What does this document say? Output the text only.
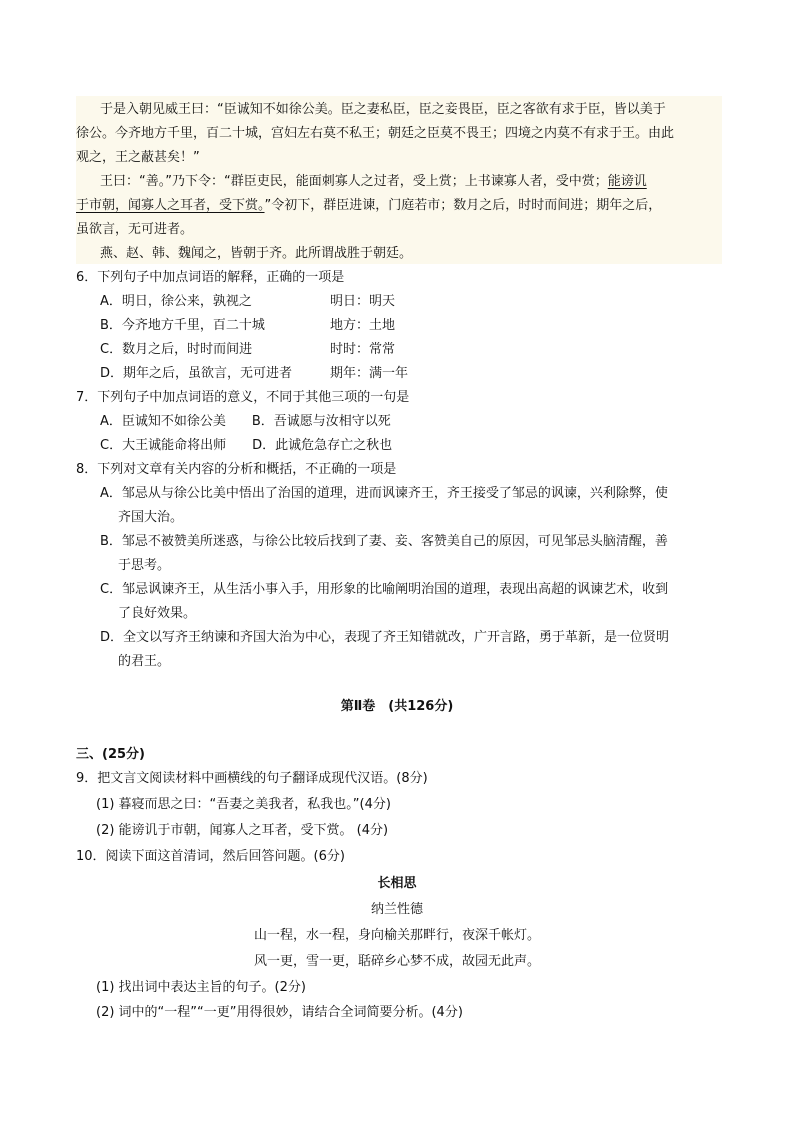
于是入朝见威王曰：“臣诚知不如徐公美。臣之妻私臣，臣之妾畏臣，臣之客欲有求于臣，皆以美于
徐公。今齐地方千里，百二十城，宫妇左右莫不私王；朝廷之臣莫不畏王；四境之内莫不有求于王。由此
观之，王之蔽甚矣！”
王曰：“善。”乃下令：“群臣吏民，能面刺寡人之过者，受上赏；上书谏寡人者，受中赏；能谤讥
于市朝，闻寡人之耳者，受下赏。”令初下，群臣进谏，门庭若市；数月之后，时时而间进；期年之后，
虽欲言，无可进者。
燕、赵、韩、魏闻之，皆朝于齐。此所谓战胜于朝廷。
6．下列句子中加点词语的解释，正确的一项是
A．明日，徐公来，孰视之	明日：明天
B．今齐地方千里，百二十城	地方：土地
C．数月之后，时时而间进	时时：常常
D．期年之后，虽欲言，无可进者	期年：满一年
7．下列句子中加点词语的意义，不同于其他三项的一句是
A．臣诚知不如徐公美　　B．吾诚愿与汝相守以死
C．大王诚能命将出师　　D．此诚危急存亡之秋也
8．下列对文章有关内容的分析和概括，不正确的一项是
A．邹忌从与徐公比美中悟出了治国的道理，进而讽谏齐王，齐王接受了邹忌的讽谏，兴利除弊，使
齐国大治。
B．邹忌不被赞美所迷惑，与徐公比较后找到了妻、妾、客赞美自己的原因，可见邹忌头脑清醒，善
于思考。
C．邹忌讽谏齐王，从生活小事入手，用形象的比喻阐明治国的道理，表现出高超的讽谏艺术，收到
了良好效果。
D．全文以写齐王纳谏和齐国大治为中心，表现了齐王知错就改，广开言路，勇于革新，是一位贤明
的君王。
第Ⅱ卷　(共126分)
三、(25分)
9．把文言文阅读材料中画横线的句子翻译成现代汉语。(8分)
(1) 暮寝而思之曰：“吾妻之美我者，私我也。”(4分)
(2) 能谤讥于市朝，闻寡人之耳者，受下赏。 (4分)
10．阅读下面这首清词，然后回答问题。(6分)
长相思
纳兰性德
山一程，水一程，身向榆关那畔行，夜深千帐灯。
风一更，雪一更，聒碎乡心梦不成，故园无此声。
(1) 找出词中表达主旨的句子。(2分)
(2) 词中的“一程”“一更”用得很妙，请结合全词简要分析。(4分)
